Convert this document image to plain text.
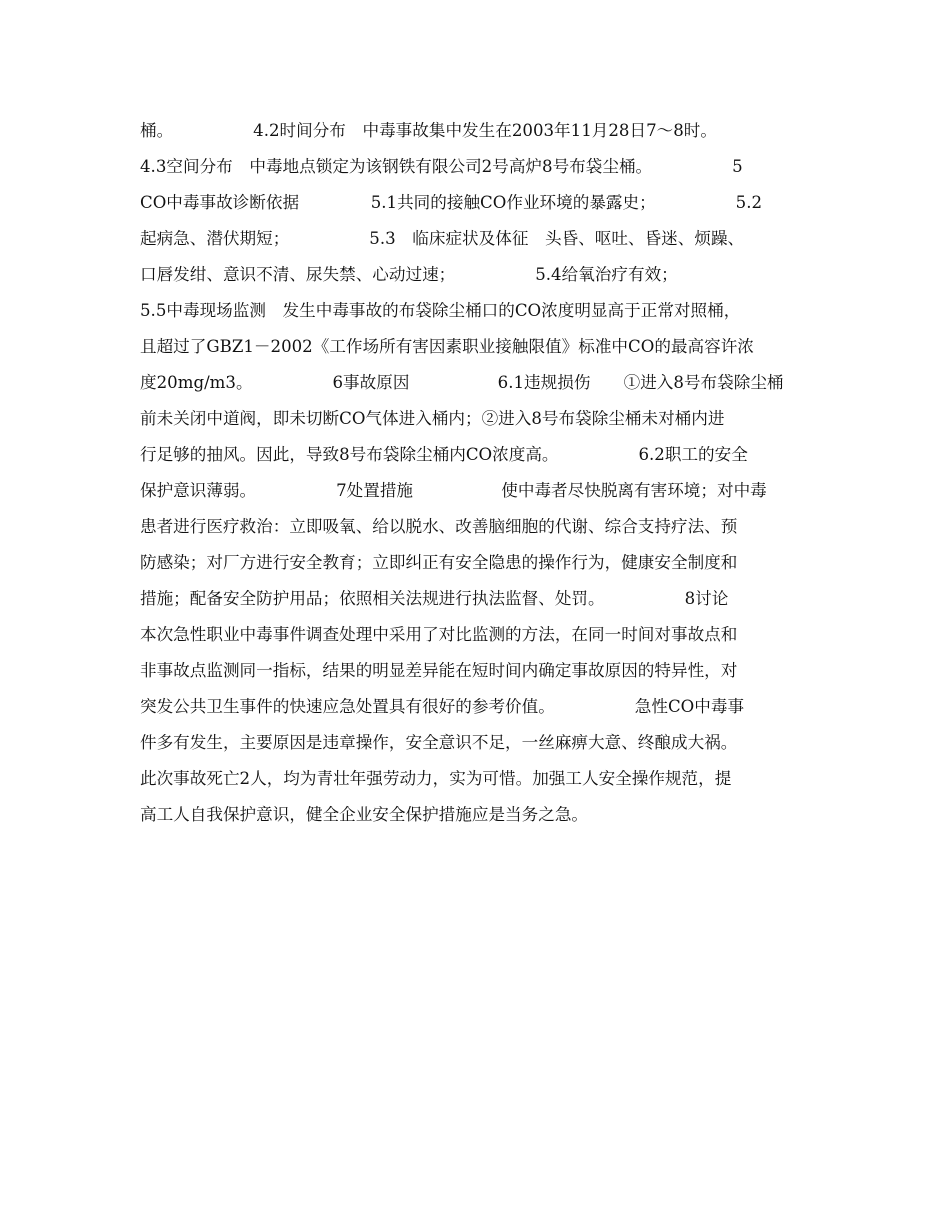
桶。　　　　　 4.2时间分布　中毒事故集中发生在2003年11月28日7～8时。
4.3空间分布　中毒地点锁定为该钢铁有限公司2号高炉8号布袋尘桶。　　　　　 5
CO中毒事故诊断依据　　　　 5.1共同的接触CO作业环境的暴露史；　　　　　 5.2
起病急、潜伏期短；　　　　　 5.3　临床症状及体征　头昏、呕吐、昏迷、烦躁、
口唇发绀、意识不清、尿失禁、心动过速；　　　　　 5.4给氧治疗有效；
5.5中毒现场监测　发生中毒事故的布袋除尘桶口的CO浓度明显高于正常对照桶，
且超过了GBZ1－2002《工作场所有害因素职业接触限值》标准中CO的最高容许浓
度20mg/m3。　　　　　 6事故原因　　　　　 6.1违规损伤　　①进入8号布袋除尘桶
前未关闭中道阀，即未切断CO气体进入桶内；②进入8号布袋除尘桶未对桶内进
行足够的抽风。因此，导致8号布袋除尘桶内CO浓度高。　　　　　 6.2职工的安全
保护意识薄弱。　　　　　 7处置措施　　　　　 使中毒者尽快脱离有害环境；对中毒
患者进行医疗救治：立即吸氧、给以脱水、改善脑细胞的代谢、综合支持疗法、预
防感染；对厂方进行安全教育；立即纠正有安全隐患的操作行为，健康安全制度和
措施；配备安全防护用品；依照相关法规进行执法监督、处罚。　　　　　 8讨论
本次急性职业中毒事件调查处理中采用了对比监测的方法，在同一时间对事故点和
非事故点监测同一指标，结果的明显差异能在短时间内确定事故原因的特异性，对
突发公共卫生事件的快速应急处置具有很好的参考价值。　　　　　 急性CO中毒事
件多有发生，主要原因是违章操作，安全意识不足，一丝麻痹大意、终酿成大祸。
此次事故死亡2人，均为青壮年强劳动力，实为可惜。加强工人安全操作规范，提
高工人自我保护意识，健全企业安全保护措施应是当务之急。
